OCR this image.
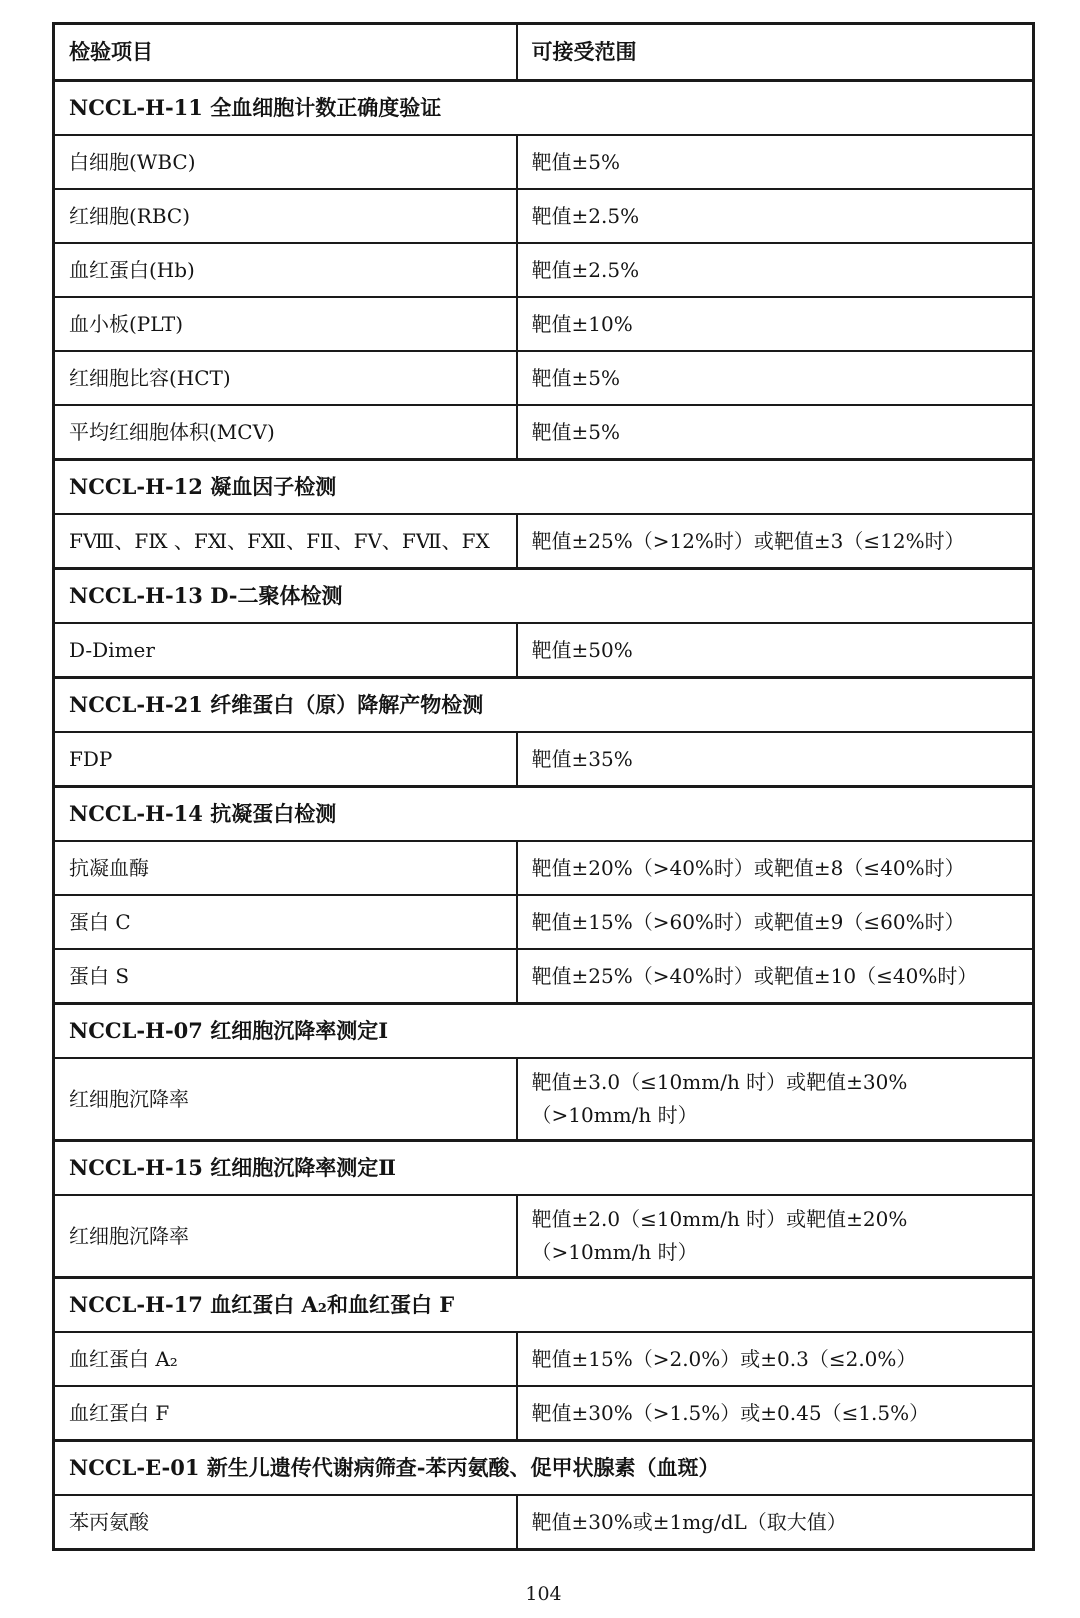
检验项目	可接受范围
NCCL-H-11 全血细胞计数正确度验证	
白细胞(WBC)	靶值±5%
红细胞(RBC)	靶值±2.5%
血红蛋白(Hb)	靶值±2.5%
血小板(PLT)	靶值±10%
红细胞比容(HCT)	靶值±5%
平均红细胞体积(MCV)	靶值±5%
NCCL-H-12 凝血因子检测	
FⅧ、FⅨ 、FⅪ、FⅫ、FⅡ、FⅤ、FⅦ、FⅩ	靶值±25%（>12%时）或靶值±3（≤12%时）
NCCL-H-13 D-二聚体检测	
D-Dimer	靶值±50%
NCCL-H-21 纤维蛋白（原）降解产物检测	
FDP	靶值±35%
NCCL-H-14 抗凝蛋白检测	
抗凝血酶	靶值±20%（>40%时）或靶值±8（≤40%时）
蛋白 C	靶值±15%（>60%时）或靶值±9（≤60%时）
蛋白 S	靶值±25%（>40%时）或靶值±10（≤40%时）
NCCL-H-07 红细胞沉降率测定Ⅰ	
红细胞沉降率	靶值±3.0（≤10mm/h 时）或靶值±30%（>10mm/h 时）
NCCL-H-15 红细胞沉降率测定Ⅱ	
红细胞沉降率	靶值±2.0（≤10mm/h 时）或靶值±20%（>10mm/h 时）
NCCL-H-17 血红蛋白 A₂和血红蛋白 F	
血红蛋白 A₂	靶值±15%（>2.0%）或±0.3（≤2.0%）
血红蛋白 F	靶值±30%（>1.5%）或±0.45（≤1.5%）
NCCL-E-01 新生儿遗传代谢病筛查-苯丙氨酸、促甲状腺素（血斑）	
苯丙氨酸	靶值±30%或±1mg/dL（取大值）
104
